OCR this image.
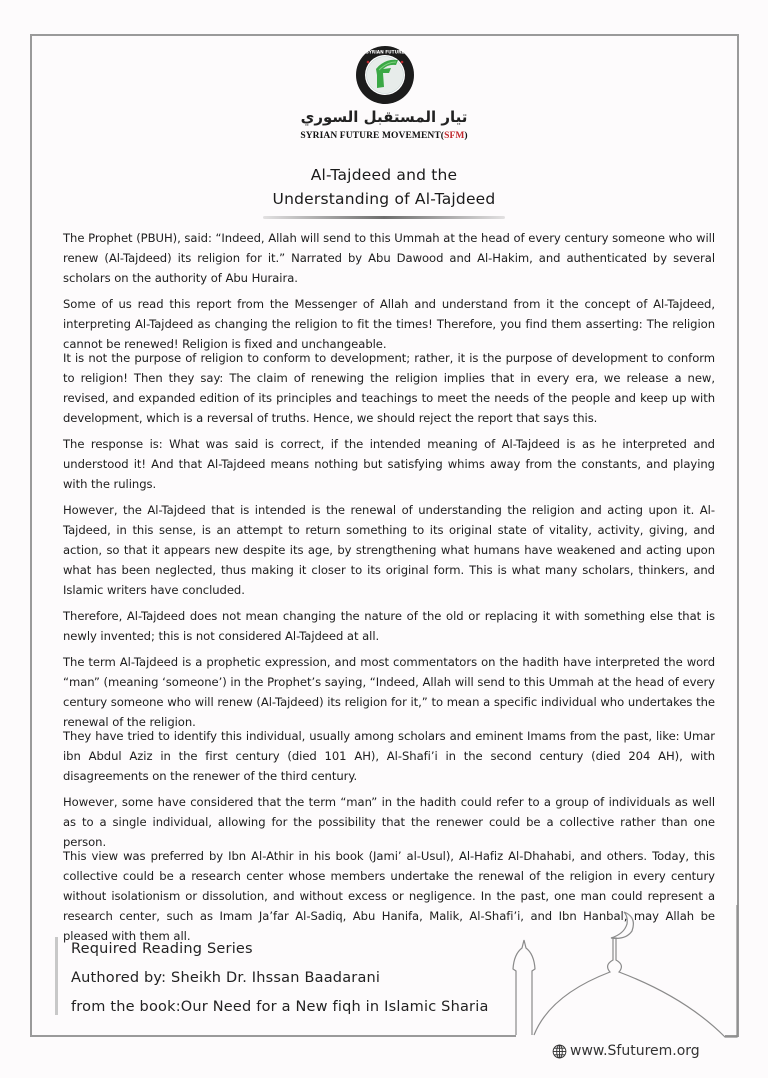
SYRIAN FUTURE
تيار المستقبل السوري
SYRIAN FUTURE MOVEMENT(SFM)
Al-Tajdeed and the
Understanding of Al-Tajdeed

The Prophet (PBUH), said: “Indeed, Allah will send to this Ummah at the head of every century someone who will renew (Al-Tajdeed) its religion for it.” Narrated by Abu Dawood and Al-Hakim, and authenticated by several scholars on the authority of Abu Huraira.

Some of us read this report from the Messenger of Allah and understand from it the concept of Al-Tajdeed, interpreting Al-Tajdeed as changing the religion to fit the times! Therefore, you find them asserting: The religion cannot be renewed! Religion is fixed and unchangeable.

It is not the purpose of religion to conform to development; rather, it is the purpose of development to conform to religion! Then they say: The claim of renewing the religion implies that in every era, we release a new, revised, and expanded edition of its principles and teachings to meet the needs of the people and keep up with development, which is a reversal of truths. Hence, we should reject the report that says this.

The response is: What was said is correct, if the intended meaning of Al-Tajdeed is as he interpreted and understood it! And that Al-Tajdeed means nothing but satisfying whims away from the constants, and playing with the rulings.

However, the Al-Tajdeed that is intended is the renewal of understanding the religion and acting upon it. Al-Tajdeed, in this sense, is an attempt to return something to its original state of vitality, activity, giving, and action, so that it appears new despite its age, by strengthening what humans have weakened and acting upon what has been neglected, thus making it closer to its original form. This is what many scholars, thinkers, and Islamic writers have concluded.

Therefore, Al-Tajdeed does not mean changing the nature of the old or replacing it with something else that is newly invented; this is not considered Al-Tajdeed at all.

The term Al-Tajdeed is a prophetic expression, and most commentators on the hadith have interpreted the word “man” (meaning ‘someone’) in the Prophet’s saying, “Indeed, Allah will send to this Ummah at the head of every century someone who will renew (Al-Tajdeed) its religion for it,” to mean a specific individual who undertakes the renewal of the religion.

They have tried to identify this individual, usually among scholars and eminent Imams from the past, like: Umar ibn Abdul Aziz in the first century (died 101 AH), Al-Shafi’i in the second century (died 204 AH), with disagreements on the renewer of the third century.

However, some have considered that the term “man” in the hadith could refer to a group of individuals as well as to a single individual, allowing for the possibility that the renewer could be a collective rather than one person.

This view was preferred by Ibn Al-Athir in his book (Jami’ al-Usul), Al-Hafiz Al-Dhahabi, and others. Today, this collective could be a research center whose members undertake the renewal of the religion in every century without isolationism or dissolution, and without excess or negligence. In the past, one man could represent a research center, such as Imam Ja’far Al-Sadiq, Abu Hanifa, Malik, Al-Shafi’i, and Ibn Hanbal, may Allah be pleased with them all.

Required Reading Series
Authored by: Sheikh Dr. Ihssan Baadarani
from the book:Our Need for a New fiqh in Islamic Sharia
www.Sfuturem.org
